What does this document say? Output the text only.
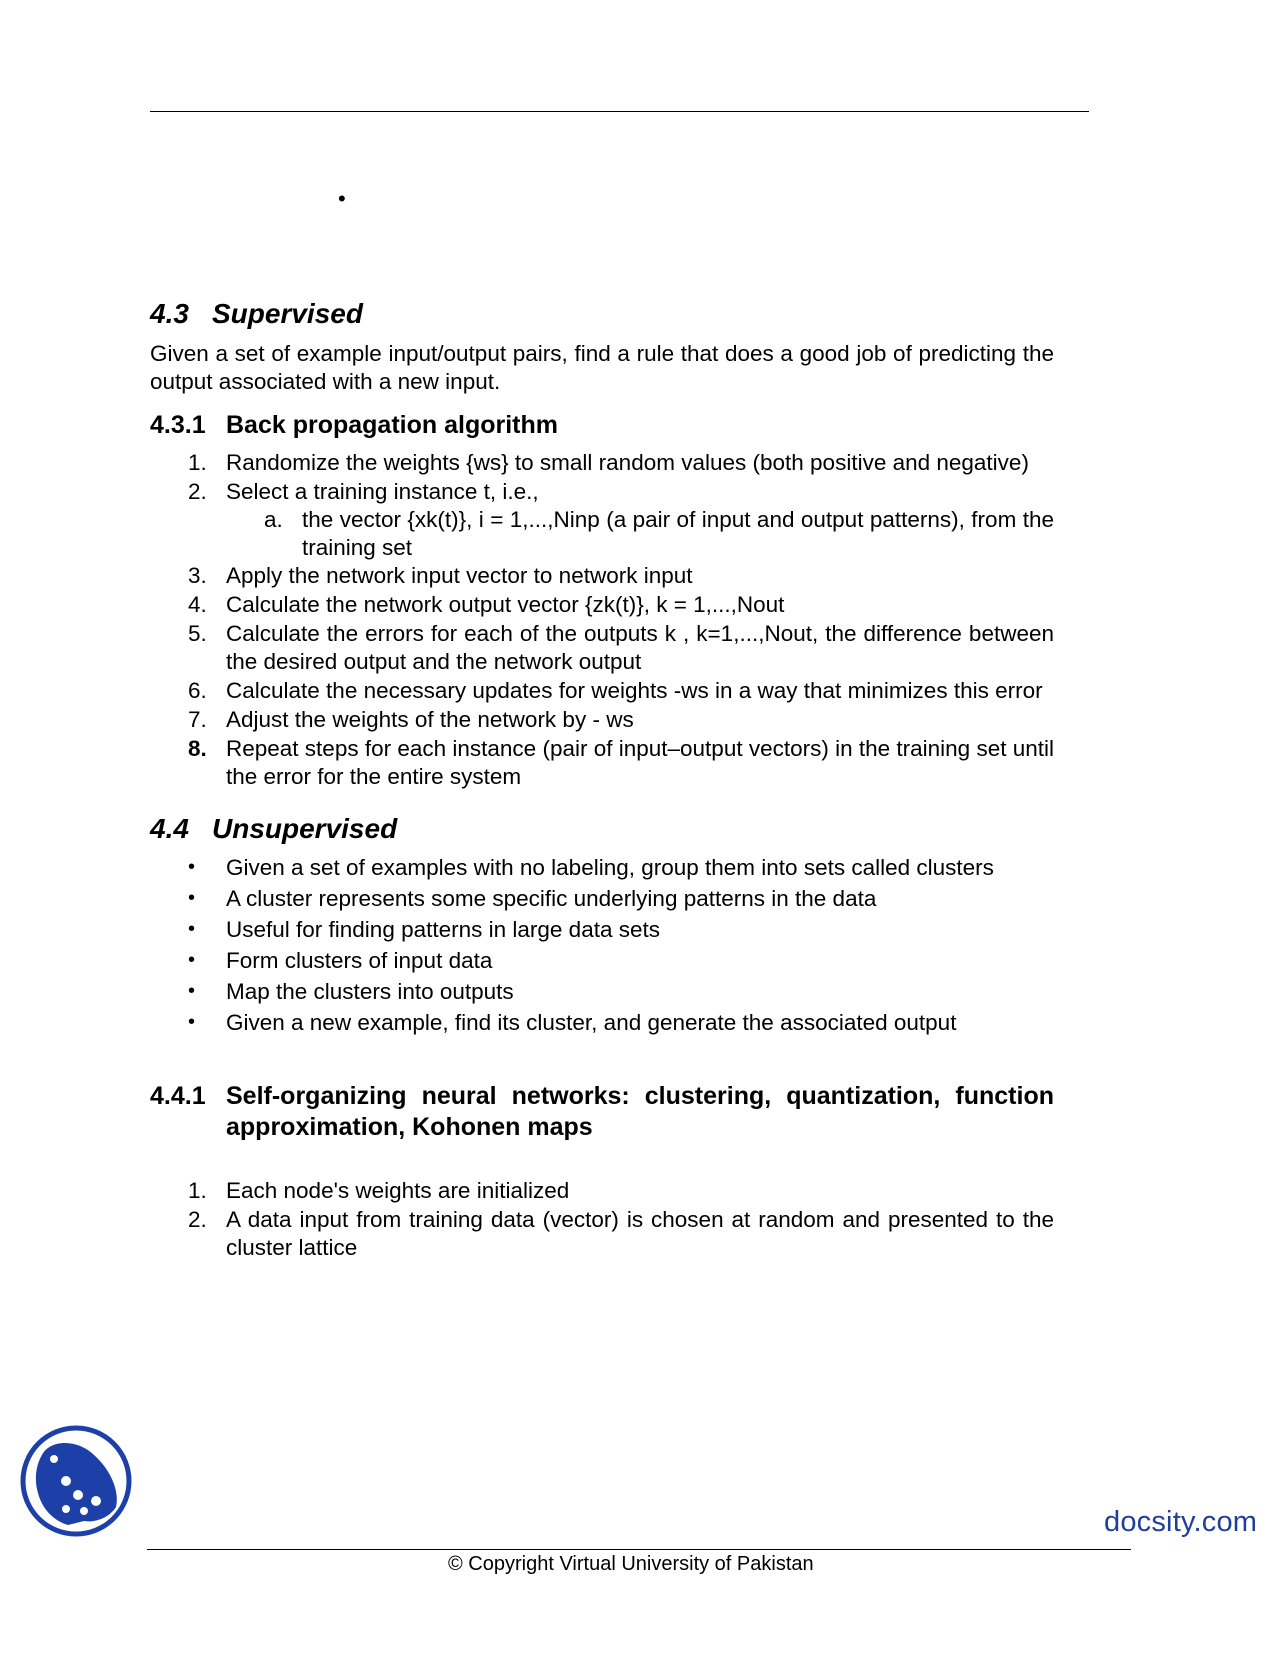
•
4.3 Supervised

Given a set of example input/output pairs, find a rule that does a good job of predicting the output associated with a new input.

4.3.1 Back propagation algorithm
1. Randomize the weights {ws} to small random values (both positive and negative)
2. Select a training instance t, i.e.,
a. the vector {xk(t)}, i = 1,...,Ninp (a pair of input and output patterns), from the training set
3. Apply the network input vector to network input
4. Calculate the network output vector {zk(t)}, k = 1,...,Nout
5. Calculate the errors for each of the outputs k , k=1,...,Nout, the difference between the desired output and the network output
6. Calculate the necessary updates for weights -ws in a way that minimizes this error
7. Adjust the weights of the network by - ws
8. Repeat steps for each instance (pair of input–output vectors) in the training set until the error for the entire system
4.4 Unsupervised
•	Given a set of examples with no labeling, group them into sets called clusters
•	A cluster represents some specific underlying patterns in the data
•	Useful for finding patterns in large data sets
•	Form clusters of input data
•	Map the clusters into outputs
•	Given a new example, find its cluster, and generate the associated output
4.4.1 Self-organizing neural networks: clustering, quantization, function approximation, Kohonen maps
1. Each node's weights are initialized
2. A data input from training data (vector) is chosen at random and presented to the cluster lattice
docsity.com
© Copyright Virtual University of Pakistan
